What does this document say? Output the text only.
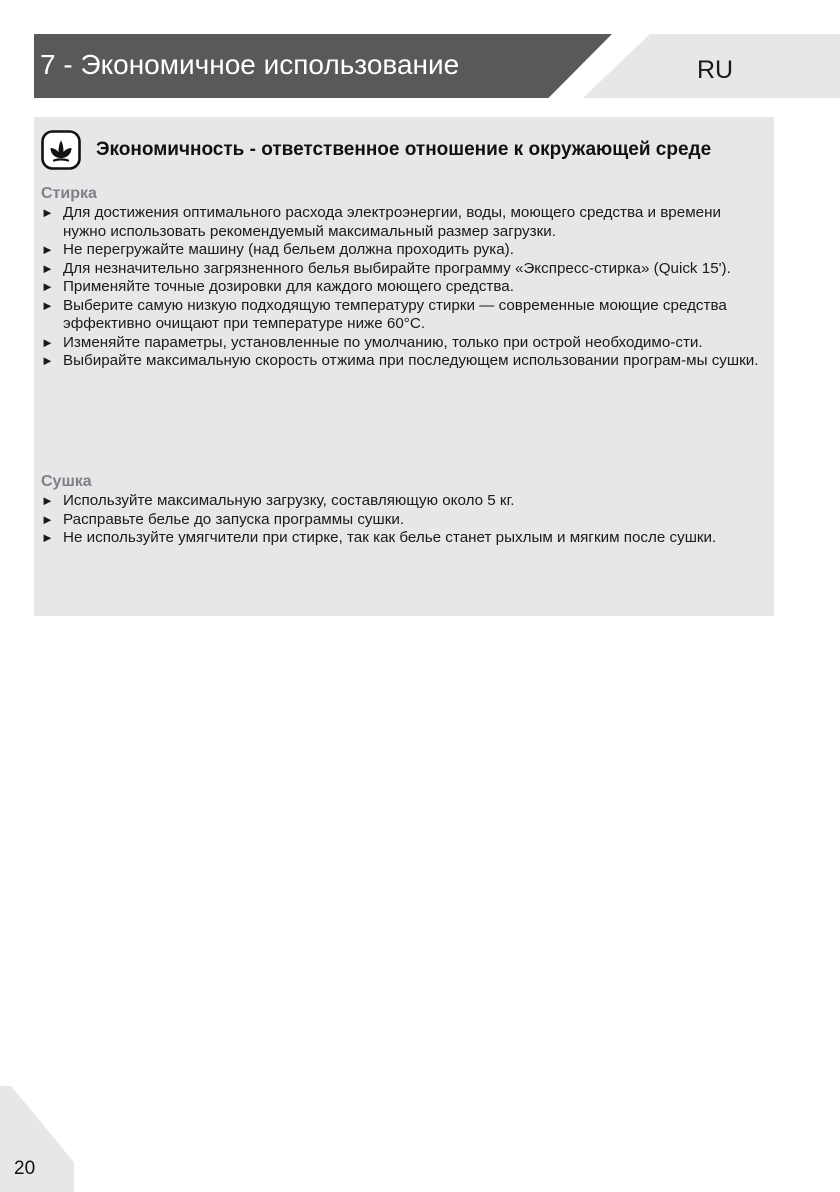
7 - Экономичное использование	RU
Экономичность - ответственное отношение к окружающей среде

Стирка

► Для достижения оптимального расхода электроэнергии, воды, моющего средства и времени нужно использовать рекомендуемый максимальный размер загрузки.
► Не перегружайте машину (над бельем должна проходить рука).
► Для незначительно загрязненного белья выбирайте программу «Экспресс-стирка» (Quick 15').
► Применяйте точные дозировки для каждого моющего средства.
► Выберите самую низкую подходящую температуру стирки — современные моющие средства эффективно очищают при температуре ниже 60°C.
► Изменяйте параметры, установленные по умолчанию, только при острой необходимо-сти.
► Выбирайте максимальную скорость отжима при последующем использовании програм-мы сушки.

Сушка

► Используйте максимальную загрузку, составляющую около 5 кг.
► Расправьте белье до запуска программы сушки.
► Не используйте умягчители при стирке, так как белье станет рыхлым и мягким после сушки.
20
